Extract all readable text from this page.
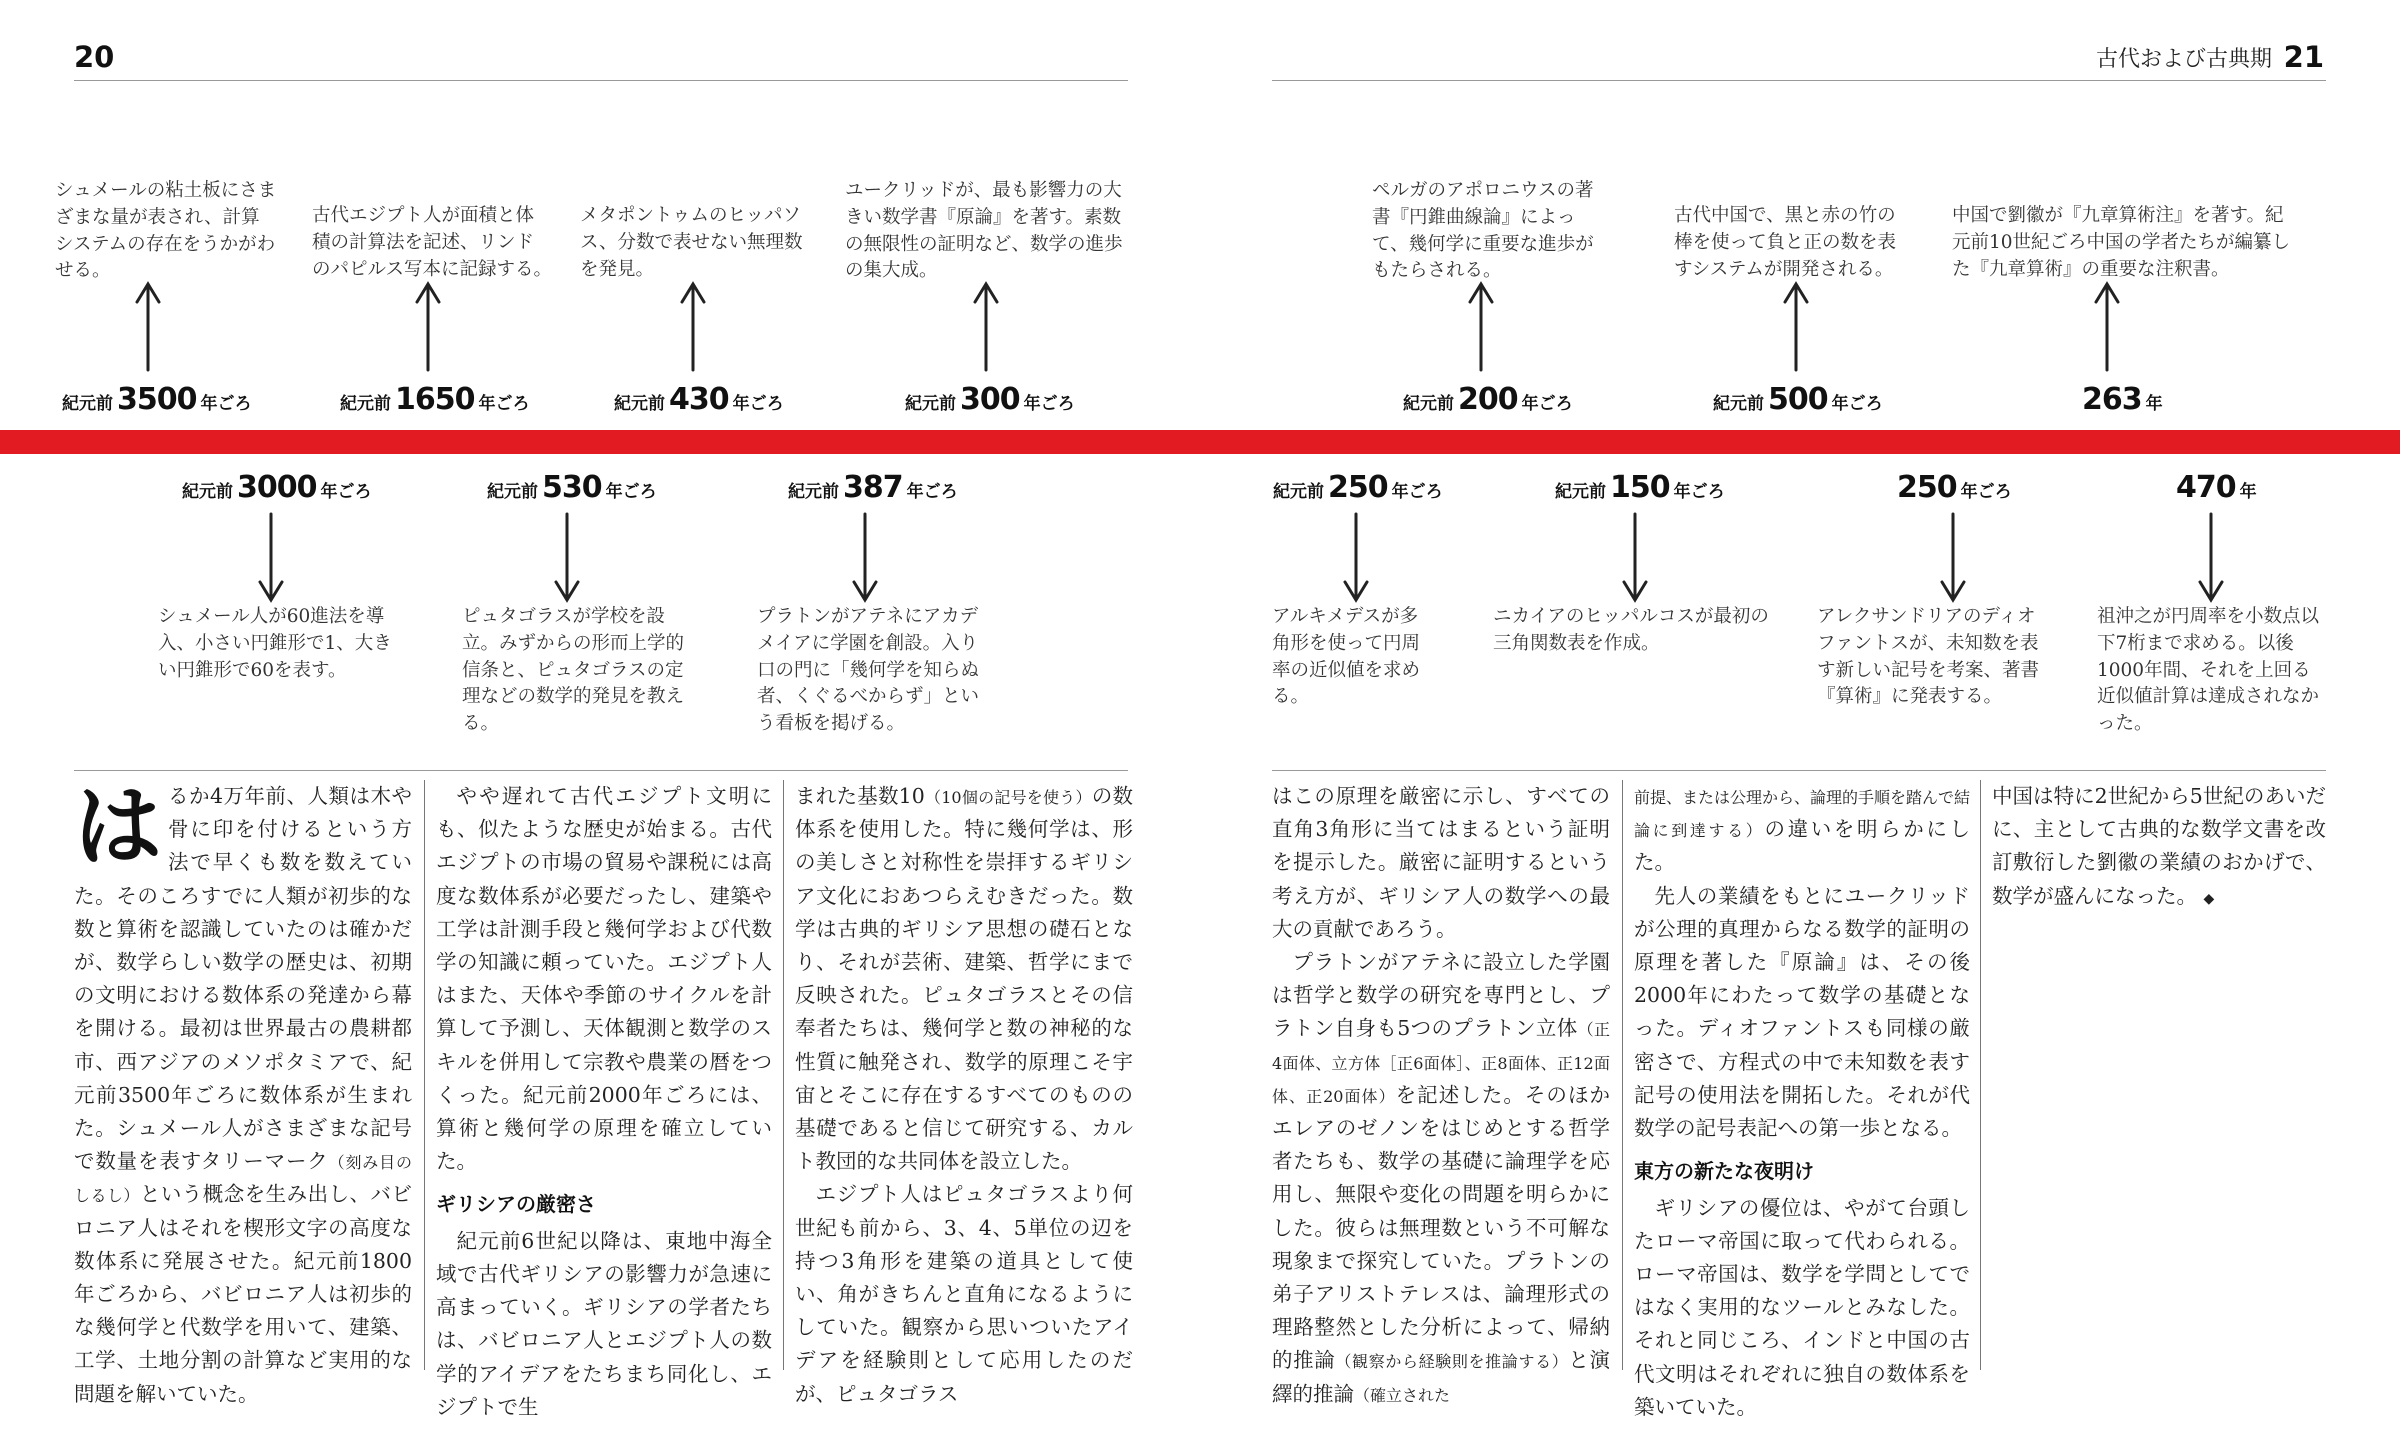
20	古代および古典期 21
シュメールの粘土板にさまざまな量が表され、計算システムの存在をうかがわせる。
古代エジプト人が面積と体積の計算法を記述、リンドのパピルス写本に記録する。
メタポントゥムのヒッパソス、分数で表せない無理数を発見。
ユークリッドが、最も影響力の大きい数学書『原論』を著す。素数の無限性の証明など、数学の進歩の集大成。
ペルガのアポロニウスの著書『円錐曲線論』によって、幾何学に重要な進歩がもたらされる。
古代中国で、黒と赤の竹の棒を使って負と正の数を表すシステムが開発される。
中国で劉徽が『九章算術注』を著す。紀元前10世紀ごろ中国の学者たちが編纂した『九章算術』の重要な注釈書。
紀元前 3500 年ごろ	紀元前 1650 年ごろ	紀元前 430 年ごろ	紀元前 300 年ごろ	紀元前 200 年ごろ	紀元前 500 年ごろ	263 年
紀元前 3000 年ごろ	紀元前 530 年ごろ	紀元前 387 年ごろ	紀元前 250 年ごろ	紀元前 150 年ごろ	250 年ごろ	470 年
シュメール人が60進法を導入、小さい円錐形で1、大きい円錐形で60を表す。
ピュタゴラスが学校を設立。みずからの形而上学的信条と、ピュタゴラスの定理などの数学的発見を教える。
プラトンがアテネにアカデメイアに学園を創設。入り口の門に「幾何学を知らぬ者、くぐるべからず」という看板を掲げる。
アルキメデスが多角形を使って円周率の近似値を求める。
ニカイアのヒッパルコスが最初の三角関数表を作成。
アレクサンドリアのディオファントスが、未知数を表す新しい記号を考案、著書『算術』に発表する。
祖沖之が円周率を小数点以下7桁まで求める。以後1000年間、それを上回る近似値計算は達成されなかった。

はるか4万年前、人類は木や骨に印を付けるという方法で早くも数を数えていた。そのころすでに人類が初歩的な数と算術を認識していたのは確かだが、数学らしい数学の歴史は、初期の文明における数体系の発達から幕を開ける。最初は世界最古の農耕都市、西アジアのメソポタミアで、紀元前3500年ごろに数体系が生まれた。シュメール人がさまざまな記号で数量を表すタリーマーク（刻み目のしるし）という概念を生み出し、バビロニア人はそれを楔形文字の高度な数体系に発展させた。紀元前1800年ごろから、バビロニア人は初歩的な幾何学と代数学を用いて、建築、工学、土地分割の計算など実用的な問題を解いていた。

やや遅れて古代エジプト文明にも、似たような歴史が始まる。古代エジプトの市場の貿易や課税には高度な数体系が必要だったし、建築や工学は計測手段と幾何学および代数学の知識に頼っていた。エジプト人はまた、天体や季節のサイクルを計算して予測し、天体観測と数学のスキルを併用して宗教や農業の暦をつくった。紀元前2000年ごろには、算術と幾何学の原理を確立していた。

ギリシアの厳密さ

紀元前6世紀以降は、東地中海全域で古代ギリシアの影響力が急速に高まっていく。ギリシアの学者たちは、バビロニア人とエジプト人の数学的アイデアをたちまち同化し、エジプトで生

まれた基数10（10個の記号を使う）の数体系を使用した。特に幾何学は、形の美しさと対称性を崇拝するギリシア文化におあつらえむきだった。数学は古典的ギリシア思想の礎石となり、それが芸術、建築、哲学にまで反映された。ピュタゴラスとその信奉者たちは、幾何学と数の神秘的な性質に触発され、数学的原理こそ宇宙とそこに存在するすべてのものの基礎であると信じて研究する、カルト教団的な共同体を設立した。

エジプト人はピュタゴラスより何世紀も前から、3、4、5単位の辺を持つ3角形を建築の道具として使い、角がきちんと直角になるようにしていた。観察から思いついたアイデアを経験則として応用したのだが、ピュタゴラス

はこの原理を厳密に示し、すべての直角3角形に当てはまるという証明を提示した。厳密に証明するという考え方が、ギリシア人の数学への最大の貢献であろう。

プラトンがアテネに設立した学園は哲学と数学の研究を専門とし、プラトン自身も5つのプラトン立体（正4面体、立方体［正6面体］、正8面体、正12面体、正20面体）を記述した。そのほかエレアのゼノンをはじめとする哲学者たちも、数学の基礎に論理学を応用し、無限や変化の問題を明らかにした。彼らは無理数という不可解な現象まで探究していた。プラトンの弟子アリストテレスは、論理形式の理路整然とした分析によって、帰納的推論（観察から経験則を推論する）と演繹的推論（確立された

前提、または公理から、論理的手順を踏んで結論に到達する）の違いを明らかにした。

先人の業績をもとにユークリッドが公理的真理からなる数学的証明の原理を著した『原論』は、その後2000年にわたって数学の基礎となった。ディオファントスも同様の厳密さで、方程式の中で未知数を表す記号の使用法を開拓した。それが代数学の記号表記への第一歩となる。

東方の新たな夜明け

ギリシアの優位は、やがて台頭したローマ帝国に取って代わられる。ローマ帝国は、数学を学問としてではなく実用的なツールとみなした。それと同じころ、インドと中国の古代文明はそれぞれに独自の数体系を築いていた。

中国は特に2世紀から5世紀のあいだに、主として古典的な数学文書を改訂敷衍した劉徽の業績のおかげで、数学が盛んになった。 ◆
